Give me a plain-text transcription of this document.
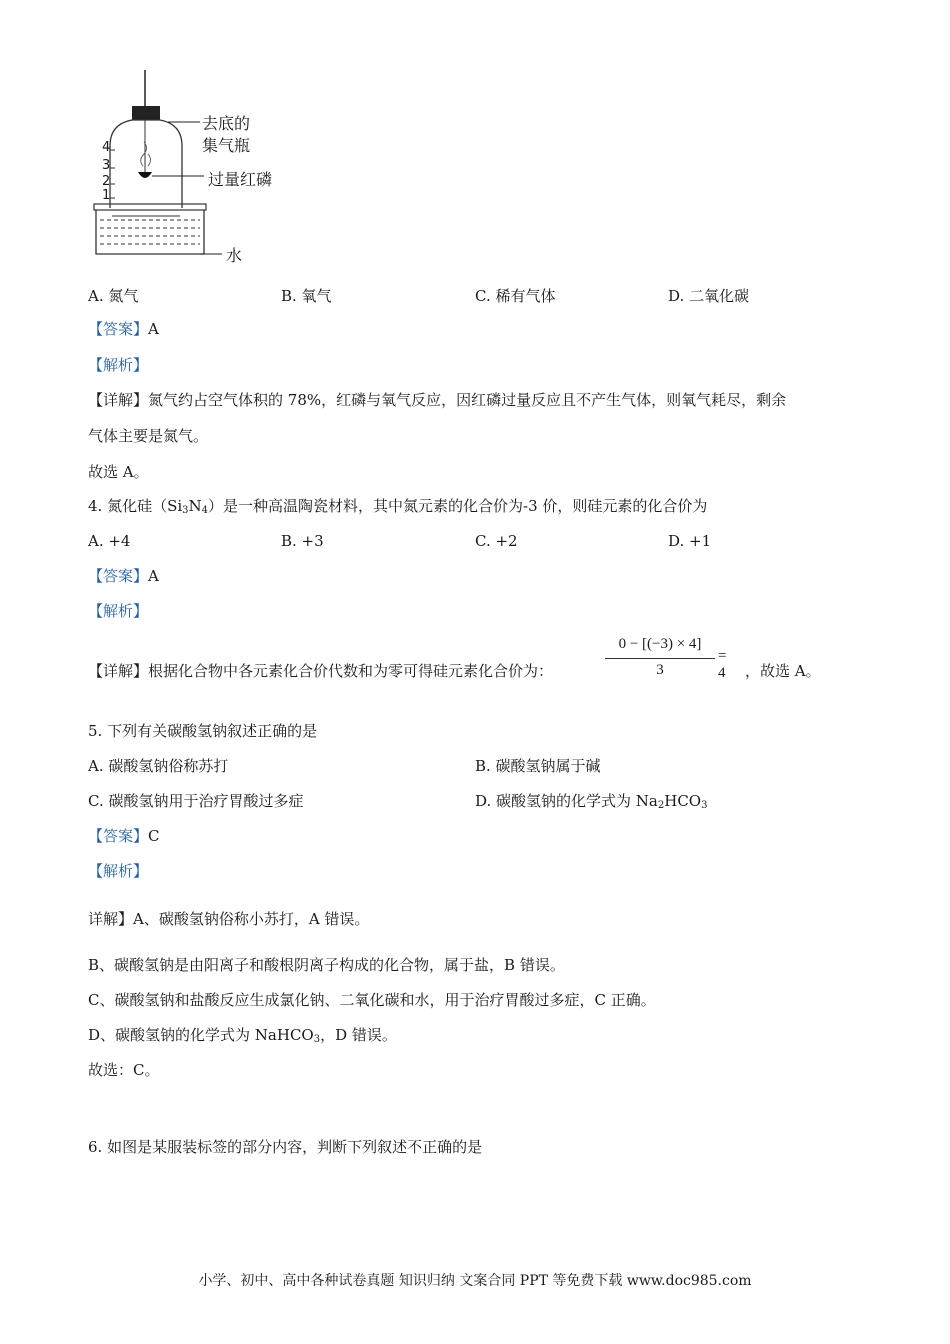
4
3
2
1
去底的
集气瓶
过量红磷
水
A. 氮气	B. 氧气	C. 稀有气体	D. 二氧化碳
【答案】A
【解析】
【详解】氮气约占空气体积的 78%，红磷与氧气反应，因红磷过量反应且不产生气体，则氧气耗尽，剩余
气体主要是氮气。
故选 A。
4. 氮化硅$(Si_3N_4)$是一种高温陶瓷材料，其中氮元素的化合价为-3 价，则硅元素的化合价为
A. +4	B. +3	C. +2	D. +1
【答案】A
【解析】
【详解】根据化合物中各元素化合价代数和为零可得硅元素化合价为：
0 − [(−3) × 4]
3
= 4	，故选 A。
5. 下列有关碳酸氢钠叙述正确的是
A. 碳酸氢钠俗称苏打	B. 碳酸氢钠属于碱
C. 碳酸氢钠用于治疗胃酸过多症	D. 碳酸氢钠的化学式为 $Na_2HCO_3$
【答案】C
【解析】
详解】A、碳酸氢钠俗称小苏打，A 错误。
B、碳酸氢钠是由阳离子和酸根阴离子构成的化合物，属于盐，B 错误。
C、碳酸氢钠和盐酸反应生成氯化钠、二氧化碳和水，用于治疗胃酸过多症，C 正确。
D、碳酸氢钠的化学式为 NaHCO$_3$，D 错误。
故选：C。
6. 如图是某服装标签的部分内容，判断下列叙述不正确的是
小学、初中、高中各种试卷真题 知识归纳 文案合同 PPT 等免费下载 www.doc985.com
